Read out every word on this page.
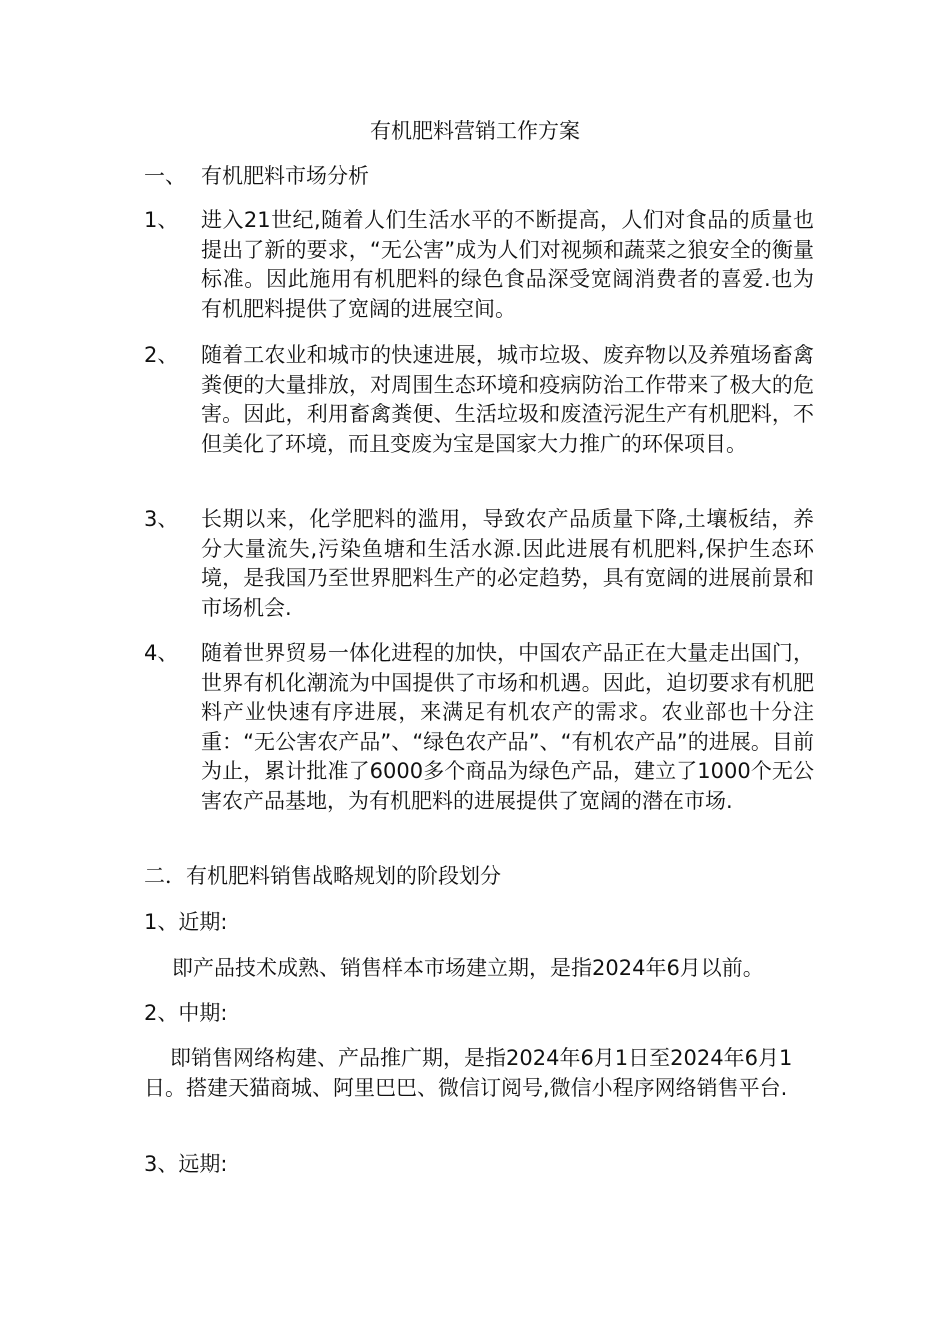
有机肥料营销工作方案
一、 有机肥料市场分析
1、	进入21世纪,随着人们生活水平的不断提高，人们对食品的质量也提出了新的要求，“无公害”成为人们对视频和蔬菜之狼安全的衡量标准。因此施用有机肥料的绿色食品深受宽阔消费者的喜爱.也为有机肥料提供了宽阔的进展空间。
2、	随着工农业和城市的快速进展，城市垃圾、废弃物以及养殖场畜禽粪便的大量排放，对周围生态环境和疫病防治工作带来了极大的危害。因此，利用畜禽粪便、生活垃圾和废渣污泥生产有机肥料，不但美化了环境，而且变废为宝是国家大力推广的环保项目。
3、	长期以来，化学肥料的滥用，导致农产品质量下降,土壤板结，养分大量流失,污染鱼塘和生活水源.因此进展有机肥料,保护生态环境，是我国乃至世界肥料生产的必定趋势，具有宽阔的进展前景和市场机会.
4、	随着世界贸易一体化进程的加快，中国农产品正在大量走出国门，世界有机化潮流为中国提供了市场和机遇。因此，迫切要求有机肥料产业快速有序进展，来满足有机农产的需求。农业部也十分注重：“无公害农产品”、“绿色农产品”、“有机农产品”的进展。目前为止，累计批准了6000多个商品为绿色产品，建立了1000个无公害农产品基地，为有机肥料的进展提供了宽阔的潜在市场.
二．有机肥料销售战略规划的阶段划分
1、近期:
即产品技术成熟、销售样本市场建立期，是指2024年6月以前。
2、中期:
即销售网络构建、产品推广期，是指2024年6月1日至2024年6月1日。搭建天猫商城、阿里巴巴、微信订阅号,微信小程序网络销售平台.
3、远期:
